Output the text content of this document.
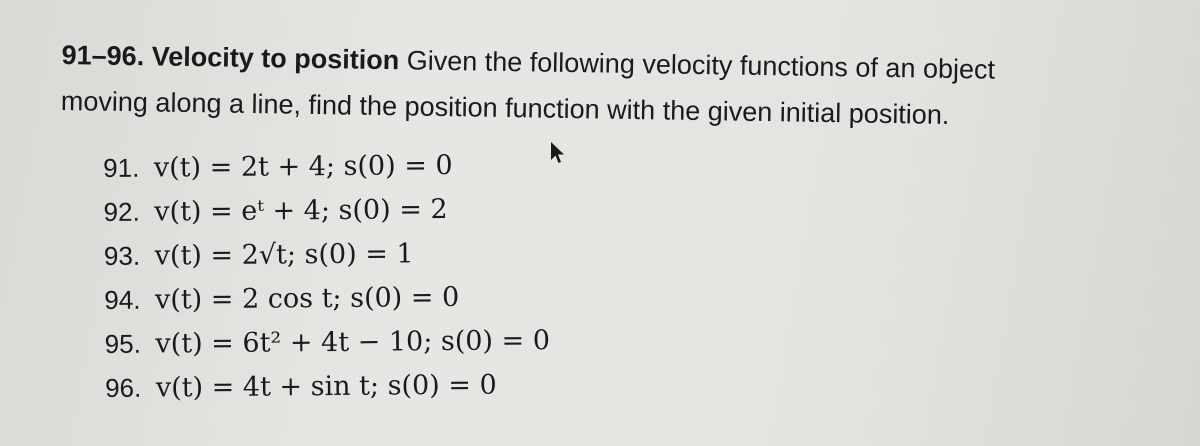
91–96. Velocity to position Given the following velocity functions of an object
moving along a line, find the position function with the given initial position.
91. v(t) = 2t + 4; s(0) = 0
92. v(t) = eᵗ + 4; s(0) = 2
93. v(t) = 2√t; s(0) = 1
94. v(t) = 2 cos t; s(0) = 0
95. v(t) = 6t² + 4t − 10; s(0) = 0
96. v(t) = 4t + sin t; s(0) = 0
